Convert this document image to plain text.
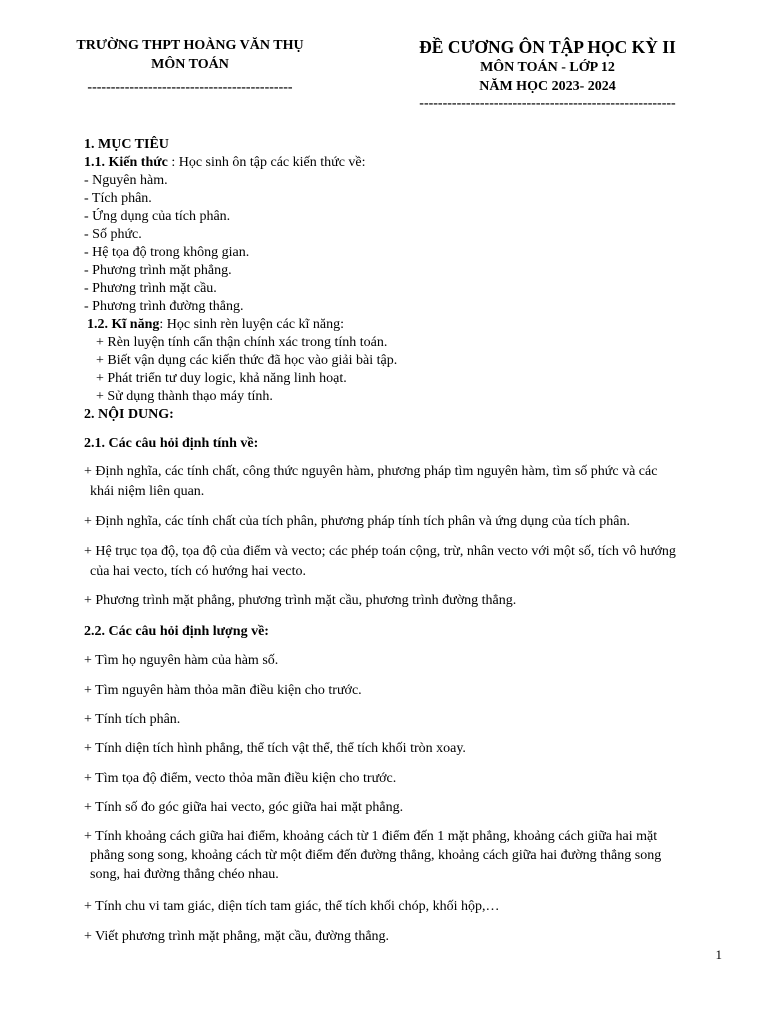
TRƯỜNG THPT HOÀNG VĂN THỤ
MÔN TOÁN
--------------------------------------------
ĐỀ CƯƠNG ÔN TẬP HỌC KỲ II
MÔN TOÁN - LỚP 12
NĂM HỌC 2023- 2024
-------------------------------------------------------
1. MỤC TIÊU
1.1. Kiến thức : Học sinh ôn tập các kiến thức về:
- Nguyên hàm.
- Tích phân.
- Ứng dụng của tích phân.
- Số phức.
- Hệ tọa độ trong không gian.
- Phương trình mặt phẳng.
- Phương trình mặt cầu.
- Phương trình đường thẳng.
1.2. Kĩ năng: Học sinh rèn luyện các kĩ năng:
+ Rèn luyện tính cẩn thận chính xác trong tính toán.
+ Biết vận dụng các kiến thức đã học vào giải bài tập.
+ Phát triển tư duy logic, khả năng linh hoạt.
+ Sử dụng thành thạo máy tính.
2. NỘI DUNG:
2.1. Các câu hỏi định tính về:
+ Định nghĩa, các tính chất, công thức nguyên hàm, phương pháp tìm nguyên hàm, tìm số phức và các
khái niệm liên quan.
+ Định nghĩa, các tính chất của tích phân, phương pháp tính tích phân và ứng dụng của tích phân.
+ Hệ trục tọa độ, tọa độ của điểm và vecto; các phép toán cộng, trừ, nhân vecto với một số, tích vô hướng
của hai vecto, tích có hướng hai vecto.
+ Phương trình mặt phẳng, phương trình mặt cầu, phương trình đường thẳng.
2.2. Các câu hỏi định lượng về:
+ Tìm họ nguyên hàm của hàm số.
+ Tìm nguyên hàm thỏa mãn điều kiện cho trước.
+ Tính tích phân.
+ Tính diện tích hình phẳng, thể tích vật thể, thể tích khối tròn xoay.
+ Tìm tọa độ điểm, vecto thỏa mãn điều kiện cho trước.
+ Tính số đo góc giữa hai vecto, góc giữa hai mặt phẳng.
+ Tính khoảng cách giữa hai điểm, khoảng cách từ 1 điểm đến 1 mặt phẳng, khoảng cách giữa hai mặt
phẳng song song, khoảng cách từ một điểm đến đường thẳng, khoảng cách giữa hai đường thẳng song
song, hai đường thẳng chéo nhau.
+ Tính chu vi tam giác, diện tích tam giác, thể tích khối chóp, khối hộp,…
+ Viết phương trình mặt phẳng, mặt cầu, đường thẳng.
1
